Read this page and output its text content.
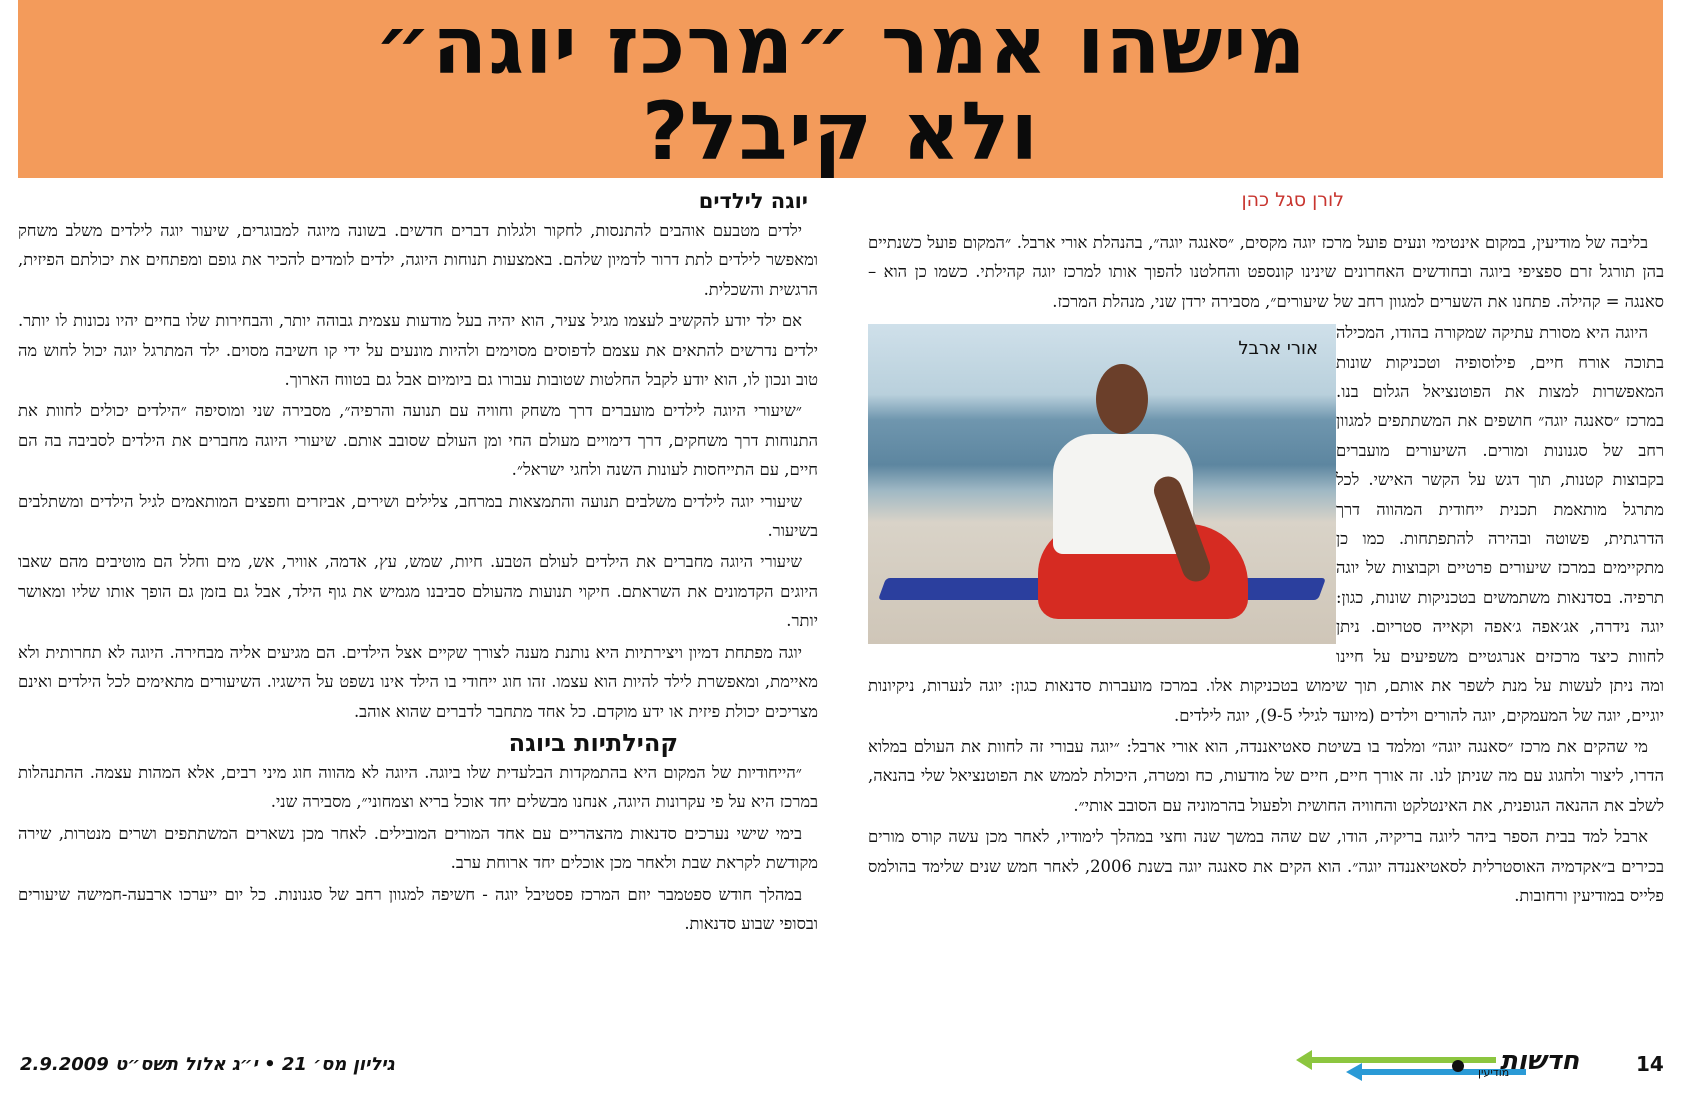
מישהו אמר ״מרכז יוגה״
ולא קיבל?
לורן סגל כהן

בליבה של מודיעין, במקום אינטימי ונעים פועל מרכז יוגה מקסים, ״סאנגה יוגה״, בהנהלת אורי ארבל. ״המקום פועל כשנתיים בהן תורגל זרם ספציפי ביוגה ובחודשים האחרונים שינינו קונספט והחלטנו להפוך אותו למרכז יוגה קהילתי. כשמו כן הוא – סאנגה = קהילה. פתחנו את השערים למגוון רחב של שיעורים״, מסבירה ירדן שני, מנהלת המרכז.

אורי ארבל

היוגה היא מסורת עתיקה שמקורה בהודו, המכילה בתוכה אורח חיים, פילוסופיה וטכניקות שונות המאפשרות למצות את הפוטנציאל הגלום בנו. במרכז ״סאנגה יוגה״ חושפים את המשתתפים למגוון רחב של סגנונות ומורים. השיעורים מועברים בקבוצות קטנות, תוך דגש על הקשר האישי. לכל מתרגל מותאמת תכנית ייחודית המהווה דרך הדרגתית, פשוטה ובהירה להתפתחות. כמו כן מתקיימים במרכז שיעורים פרטיים וקבוצות של יוגה תרפיה. בסדנאות משתמשים בטכניקות שונות, כגון: יוגה נידרה, אג׳אפה ג׳אפה וקאייה סטריום. ניתן לחוות כיצד מרכזים אנרגטיים משפיעים על חיינו ומה ניתן לעשות על מנת לשפר את אותם, תוך שימוש בטכניקות אלו. במרכז מועברות סדנאות כגון: יוגה לנערות, ניקיונות יוגיים, יוגה של המעמקים, יוגה להורים וילדים (מיועד לגילי 9-5), יוגה לילדים.

מי שהקים את מרכז ״סאנגה יוגה״ ומלמד בו בשיטת סאטיאננדה, הוא אורי ארבל: ״יוגה עבורי זה לחוות את העולם במלוא הדרו, ליצור ולחגוג עם מה שניתן לנו. זה אורך חיים, חיים של מודעות, כח ומטרה, היכולת לממש את הפוטנציאל שלי בהנאה, לשלב את ההנאה הגופנית, את האינטלקט והחוויה החושית ולפעול בהרמוניה עם הסובב אותי״.

ארבל למד בבית הספר ביהר ליוגה בריקיה, הודו, שם שהה במשך שנה וחצי במהלך לימודיו, לאחר מכן עשה קורס מורים בכירים ב״אקדמיה האוסטרלית לסאטיאננדה יוגה״. הוא הקים את סאנגה יוגה בשנת 2006, לאחר חמש שנים שלימד בהולמס פלייס במודיעין ורחובות.

יוגה לילדים

ילדים מטבעם אוהבים להתנסות, לחקור ולגלות דברים חדשים. בשונה מיוגה למבוגרים, שיעור יוגה לילדים משלב משחק ומאפשר לילדים לתת דרור לדמיון שלהם. באמצעות תנוחות היוגה, ילדים לומדים להכיר את גופם ומפתחים את יכולתם הפיזית, הרגשית והשכלית.

אם ילד יודע להקשיב לעצמו מגיל צעיר, הוא יהיה בעל מודעות עצמית גבוהה יותר, והבחירות שלו בחיים יהיו נכונות לו יותר. ילדים נדרשים להתאים את עצמם לדפוסים מסוימים ולהיות מונעים על ידי קו חשיבה מסוים. ילד המתרגל יוגה יכול לחוש מה טוב ונכון לו, הוא יודע לקבל החלטות שטובות עבורו גם ביומיום אבל גם בטווח הארוך.

״שיעורי היוגה לילדים מועברים דרך משחק וחוויה עם תנועה והרפיה״, מסבירה שני ומוסיפה ״הילדים יכולים לחוות את התנוחות דרך משחקים, דרך דימויים מעולם החי ומן העולם שסובב אותם. שיעורי היוגה מחברים את הילדים לסביבה בה הם חיים, עם התייחסות לעונות השנה ולחגי ישראל״.

שיעורי יוגה לילדים משלבים תנועה והתמצאות במרחב, צלילים ושירים, אביזרים וחפצים המותאמים לגיל הילדים ומשתלבים בשיעור.

שיעורי היוגה מחברים את הילדים לעולם הטבע. חיות, שמש, עץ, אדמה, אוויר, אש, מים וחלל הם מוטיבים מהם שאבו היוגים הקדמונים את השראתם. חיקוי תנועות מהעולם סביבנו מגמיש את גוף הילד, אבל גם בזמן גם הופך אותו שליו ומאושר יותר.

יוגה מפתחת דמיון ויצירתיות היא נותנת מענה לצורך שקיים אצל הילדים. הם מגיעים אליה מבחירה. היוגה לא תחרותית ולא מאיימת, ומאפשרת לילד להיות הוא עצמו. זהו חוג ייחודי בו הילד אינו נשפט על הישגיו. השיעורים מתאימים לכל הילדים ואינם מצריכים יכולת פיזית או ידע מוקדם. כל אחד מתחבר לדברים שהוא אוהב.

קהילתיות ביוגה

״הייחודיות של המקום היא בהתמקדות הבלעדית שלו ביוגה. היוגה לא מהווה חוג מיני רבים, אלא המהות עצמה. ההתנהלות במרכז היא על פי עקרונות היוגה, אנחנו מבשלים יחד אוכל בריא וצמחוני״, מסבירה שני.

בימי שישי נערכים סדנאות מהצהריים עם אחד המורים המובילים. לאחר מכן נשארים המשתתפים ושרים מנטרות, שירה מקודשת לקראת שבת ולאחר מכן אוכלים יחד ארוחת ערב.

במהלך חודש ספטמבר יוזם המרכז פסטיבל יוגה - חשיפה למגוון רחב של סגנונות. כל יום ייערכו ארבעה-חמישה שיעורים ובסופי שבוע סדנאות.

גיליון מס׳ 21 • י״ג אלול תשס״ט 2.9.2009	מודיעין
חדשות	14
